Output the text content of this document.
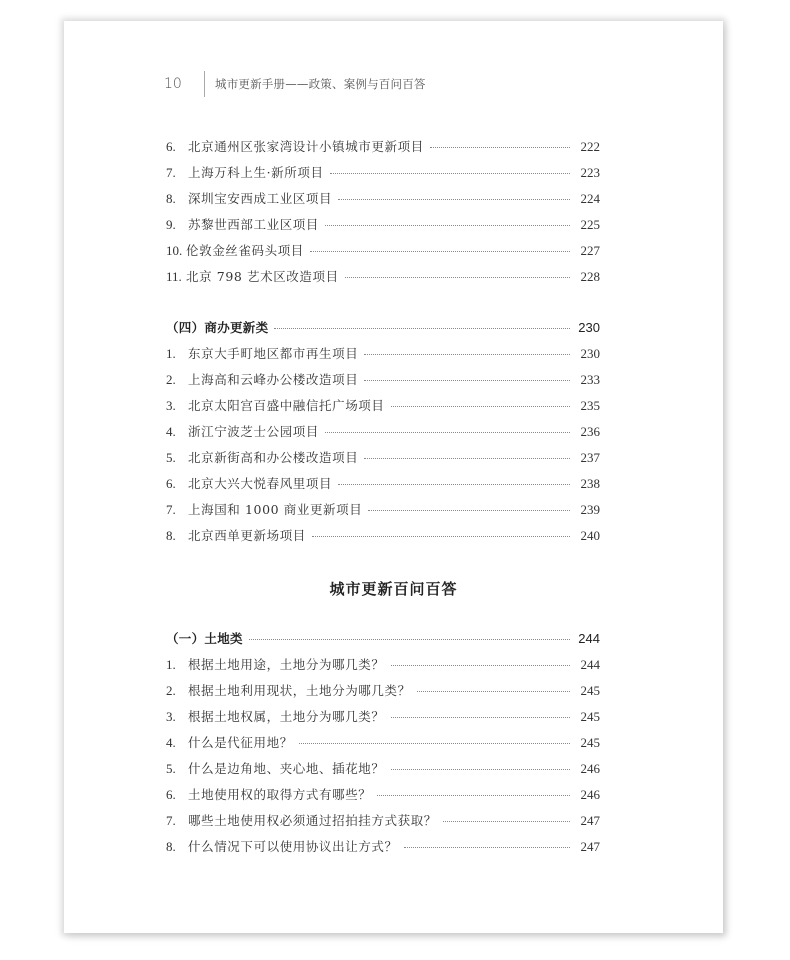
10	城市更新手册——政策、案例与百问百答
6. 北京通州区张家湾设计小镇城市更新项目	222
7. 上海万科上生·新所项目	223
8. 深圳宝安西成工业区项目	224
9. 苏黎世西部工业区项目	225
10. 伦敦金丝雀码头项目	227
11. 北京 798 艺术区改造项目	228
（四）商办更新类	230
1. 东京大手町地区都市再生项目	230
2. 上海高和云峰办公楼改造项目	233
3. 北京太阳宫百盛中融信托广场项目	235
4. 浙江宁波芝士公园项目	236
5. 北京新街高和办公楼改造项目	237
6. 北京大兴大悦春风里项目	238
7. 上海国和 1000 商业更新项目	239
8. 北京西单更新场项目	240
（一）土地类	244
1. 根据土地用途，土地分为哪几类？	244
2. 根据土地利用现状，土地分为哪几类？	245
3. 根据土地权属，土地分为哪几类？	245
4. 什么是代征用地？	245
5. 什么是边角地、夹心地、插花地？	246
6. 土地使用权的取得方式有哪些？	246
7. 哪些土地使用权必须通过招拍挂方式获取？	247
8. 什么情况下可以使用协议出让方式？	247
城市更新百问百答
